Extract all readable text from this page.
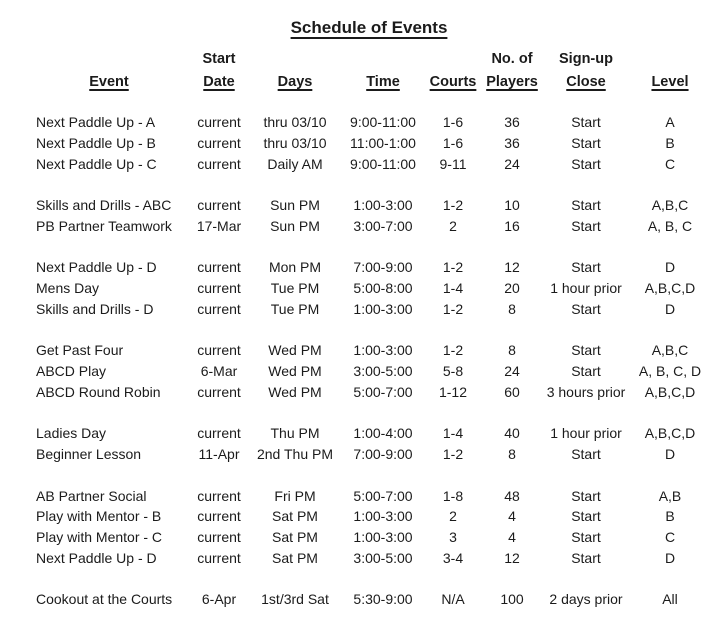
Schedule of Events
	Start				No. of	Sign-up	
Event	Date	Days	Time	Courts	Players	Close	Level

Next Paddle Up - A	current	thru 03/10	9:00-11:00	1-6	36	Start	A
Next Paddle Up - B	current	thru 03/10	11:00-1:00	1-6	36	Start	B
Next Paddle Up - C	current	Daily AM	9:00-11:00	9-11	24	Start	C

Skills and Drills - ABC	current	Sun PM	1:00-3:00	1-2	10	Start	A,B,C
PB Partner Teamwork	17-Mar	Sun PM	3:00-7:00	2	16	Start	A, B, C

Next Paddle Up - D	current	Mon PM	7:00-9:00	1-2	12	Start	D
Mens Day	current	Tue PM	5:00-8:00	1-4	20	1 hour prior	A,B,C,D
Skills and Drills - D	current	Tue PM	1:00-3:00	1-2	8	Start	D

Get Past Four	current	Wed PM	1:00-3:00	1-2	8	Start	A,B,C
ABCD Play	6-Mar	Wed PM	3:00-5:00	5-8	24	Start	A, B, C, D
ABCD Round Robin	current	Wed PM	5:00-7:00	1-12	60	3 hours prior	A,B,C,D

Ladies Day	current	Thu PM	1:00-4:00	1-4	40	1 hour prior	A,B,C,D
Beginner Lesson	11-Apr	2nd Thu PM	7:00-9:00	1-2	8	Start	D

AB Partner Social	current	Fri PM	5:00-7:00	1-8	48	Start	A,B
Play with Mentor - B	current	Sat PM	1:00-3:00	2	4	Start	B
Play with Mentor - C	current	Sat PM	1:00-3:00	3	4	Start	C
Next Paddle Up - D	current	Sat PM	3:00-5:00	3-4	12	Start	D

Cookout at the Courts	6-Apr	1st/3rd Sat	5:30-9:00	N/A	100	2 days prior	All
